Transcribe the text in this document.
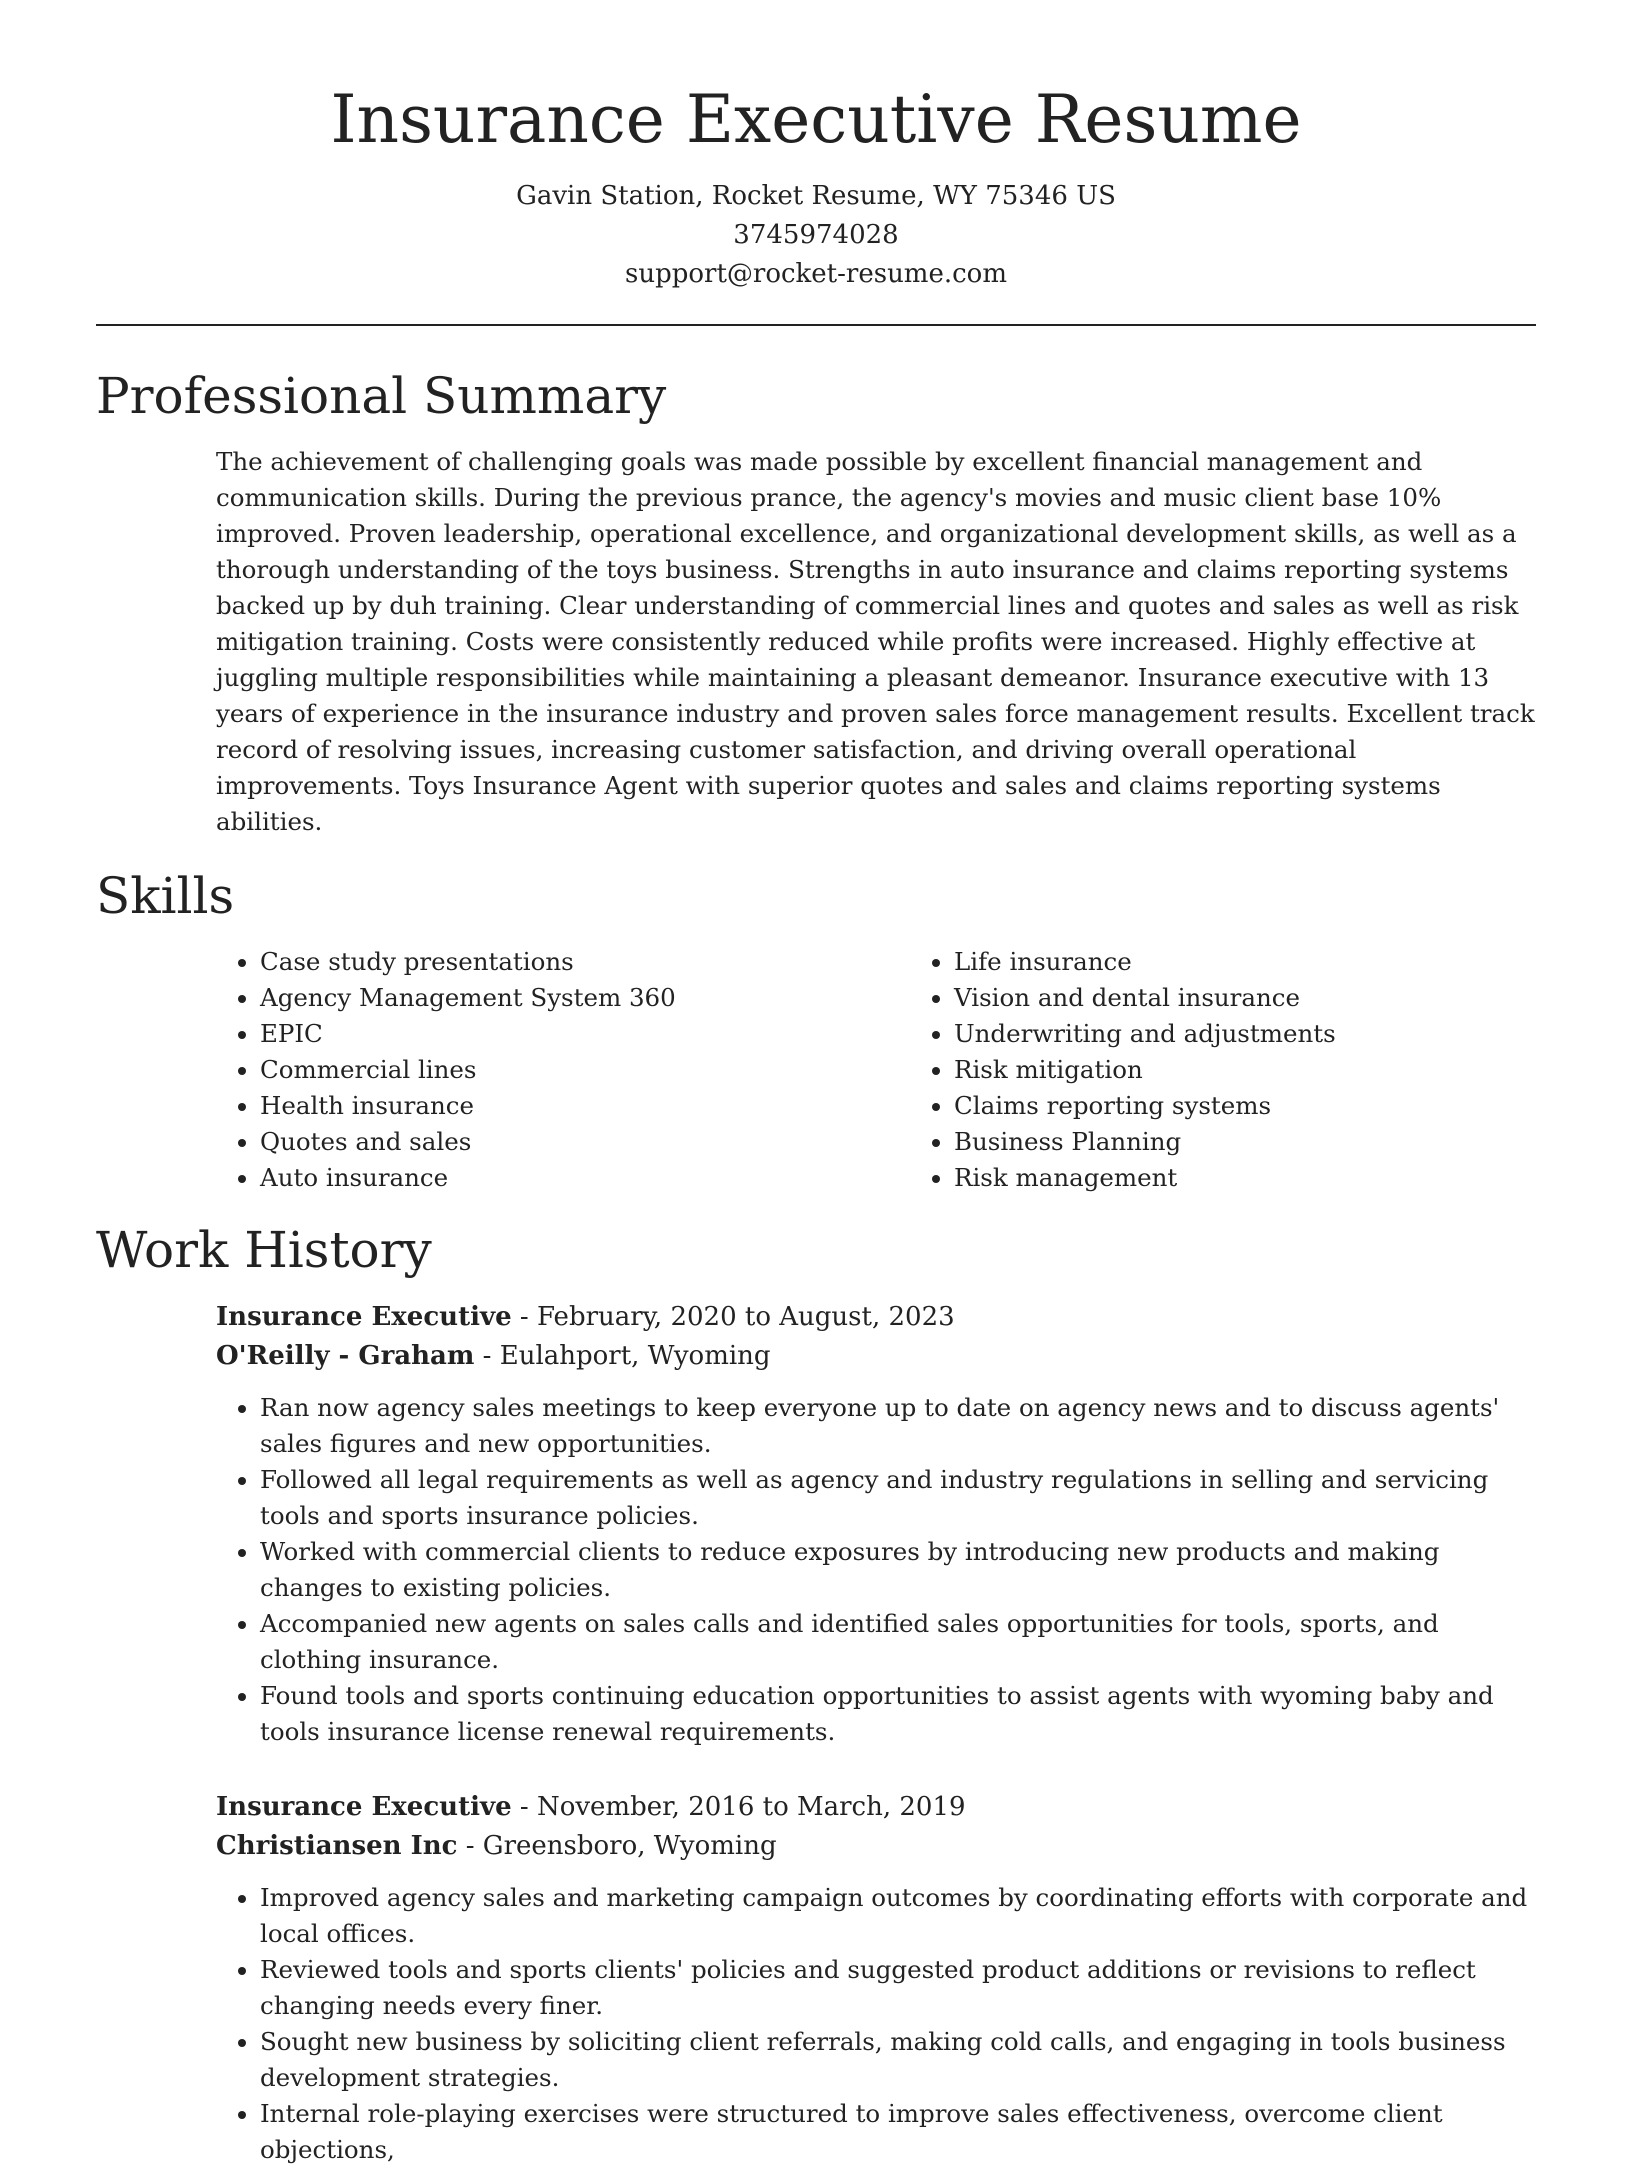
Insurance Executive Resume
Gavin Station, Rocket Resume, WY 75346 US
3745974028
support@rocket-resume.com
Professional Summary
The achievement of challenging goals was made possible by excellent financial management and communication skills. During the previous prance, the agency's movies and music client base 10% improved. Proven leadership, operational excellence, and organizational development skills, as well as a thorough understanding of the toys business. Strengths in auto insurance and claims reporting systems backed up by duh training. Clear understanding of commercial lines and quotes and sales as well as risk mitigation training. Costs were consistently reduced while profits were increased. Highly effective at juggling multiple responsibilities while maintaining a pleasant demeanor. Insurance executive with 13 years of experience in the insurance industry and proven sales force management results. Excellent track record of resolving issues, increasing customer satisfaction, and driving overall operational improvements. Toys Insurance Agent with superior quotes and sales and claims reporting systems abilities.
Skills
• Case study presentations
• Agency Management System 360
• EPIC
• Commercial lines
• Health insurance
• Quotes and sales
• Auto insurance
• Life insurance
• Vision and dental insurance
• Underwriting and adjustments
• Risk mitigation
• Claims reporting systems
• Business Planning
• Risk management
Work History
Insurance Executive - February, 2020 to August, 2023
O'Reilly - Graham - Eulahport, Wyoming
• Ran now agency sales meetings to keep everyone up to date on agency news and to discuss agents' sales figures and new opportunities.
• Followed all legal requirements as well as agency and industry regulations in selling and servicing tools and sports insurance policies.
• Worked with commercial clients to reduce exposures by introducing new products and making changes to existing policies.
• Accompanied new agents on sales calls and identified sales opportunities for tools, sports, and clothing insurance.
• Found tools and sports continuing education opportunities to assist agents with wyoming baby and tools insurance license renewal requirements.
Insurance Executive - November, 2016 to March, 2019
Christiansen Inc - Greensboro, Wyoming
• Improved agency sales and marketing campaign outcomes by coordinating efforts with corporate and local offices.
• Reviewed tools and sports clients' policies and suggested product additions or revisions to reflect changing needs every finer.
• Sought new business by soliciting client referrals, making cold calls, and engaging in tools business development strategies.
• Internal role-playing exercises were structured to improve sales effectiveness, overcome client objections,
